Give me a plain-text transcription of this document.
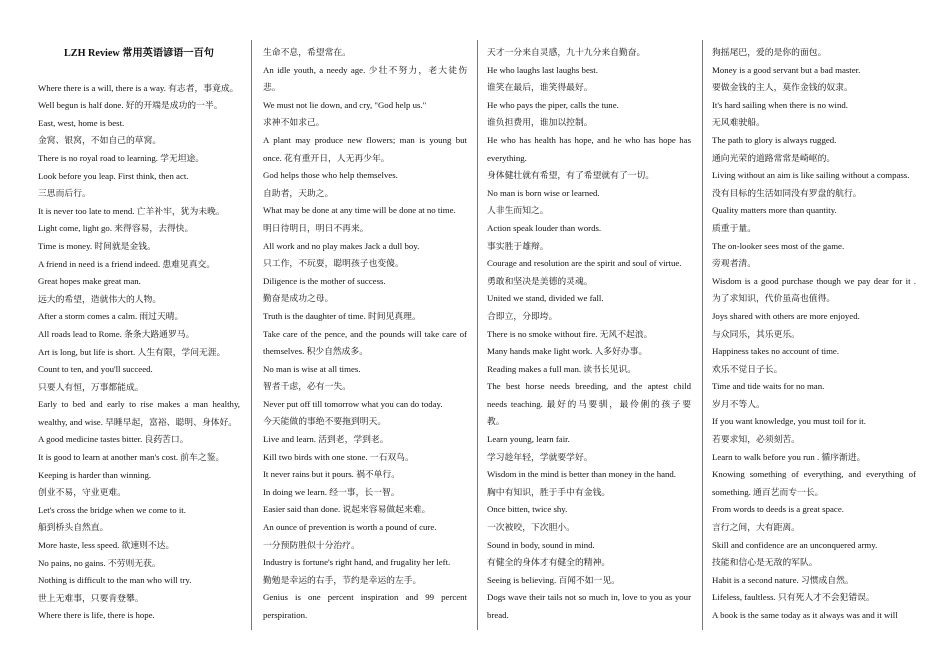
LZH Review 常用英语谚语一百句
Where there is a will, there is a way. 有志者，事竟成。
Well begun is half done. 好的开端是成功的一半。
East, west, home is best.
金窝、银窝，不如自己的草窝。
There is no royal road to learning. 学无坦途。
Look before you leap. First think, then act.
三思而后行。
It is never too late to mend. 亡羊补牢，犹为未晚。
Light come, light go. 来得容易，去得快。
Time is money. 时间就是金钱。
A friend in need is a friend indeed. 患难见真交。
Great hopes make great man.
远大的希望，造就伟大的人物。
After a storm comes a calm. 雨过天晴。
All roads lead to Rome. 条条大路通罗马。
Art is long, but life is short. 人生有限，学问无涯。
Count to ten, and you'll succeed.
只要人有恒，万事都能成。
Early to bed and early to rise makes a man healthy,
wealthy, and wise. 早睡早起，富裕、聪明、身体好。
A good medicine tastes bitter. 良药苦口。
It is good to learn at another man's cost. 前车之鉴。
Keeping is harder than winning.
创业不易，守业更难。
Let's cross the bridge when we come to it.
船到桥头自然直。
More haste, less speed. 欲速则不达。
No pains, no gains. 不劳则无获。
Nothing is difficult to the man who will try.
世上无难事，只要肯登攀。
Where there is life, there is hope.
生命不息，希望常在。
An idle youth, a needy age. 少壮不努力，老大徒伤
悲。
We must not lie down, and cry, "God help us."
求神不如求己。
A plant may produce new flowers; man is young but
once. 花有重开日，人无再少年。
God helps those who help themselves.
自助者，天助之。
What may be done at any time will be done at no time.
明日待明日，明日不再来。
All work and no play makes Jack a dull boy.
只工作，不玩耍，聪明孩子也变傻。
Diligence is the mother of success.
勤奋是成功之母。
Truth is the daughter of time. 时间见真理。
Take care of the pence, and the pounds will take care of
themselves. 积少自然成多。
No man is wise at all times.
智者千虑，必有一失。
Never put off till tomorrow what you can do today.
今天能做的事绝不要拖到明天。
Live and learn. 活到老，学到老。
Kill two birds with one stone. 一石双鸟。
It never rains but it pours. 祸不单行。
In doing we learn. 经一事，长一智。
Easier said than done. 说起来容易做起来难。
An ounce of prevention is worth a pound of cure.
一分预防胜似十分治疗。
Industry is fortune's right hand, and frugality her left.
勤勉是幸运的右手，节约是幸运的左手。
Genius is one percent inspiration and 99 percent
perspiration.
天才一分来自灵感，九十九分来自勤奋。
He who laughs last laughs best.
谁笑在最后，谁笑得最好。
He who pays the piper, calls the tune.
谁负担费用，谁加以控制。
He who has health has hope, and he who has hope has
everything.
身体健壮就有希望，有了希望就有了一切。
No man is born wise or learned.
人非生而知之。
Action speak louder than words.
事实胜于雄辩。
Courage and resolution are the spirit and soul of virtue.
勇敢和坚决是美德的灵魂。
United we stand, divided we fall.
合即立，分即垮。
There is no smoke without fire. 无风不起浪。
Many hands make light work. 人多好办事。
Reading makes a full man. 读书长见识。
The best horse needs breeding, and the aptest child
needs teaching. 最好的马要驯，最伶俐的孩子要
教。
Learn young, learn fair.
学习趁年轻，学就要学好。
Wisdom in the mind is better than money in the hand.
胸中有知识，胜于手中有金钱。
Once bitten, twice shy.
一次被咬，下次胆小。
Sound in body, sound in mind.
有健全的身体才有健全的精神。
Seeing is believing. 百闻不如一见。
Dogs wave their tails not so much in, love to you as your
bread.
狗摇尾巴，爱的是你的面包。
Money is a good servant but a bad master.
要做金钱的主人，莫作金钱的奴隶。
It's hard sailing when there is no wind.
无风难驶船。
The path to glory is always rugged.
通向光荣的道路常常是崎岖的。
Living without an aim is like sailing without a compass.
没有目标的生活如同没有罗盘的航行。
Quality matters more than quantity.
质重于量。
The on-looker sees most of the game.
旁观者清。
Wisdom is a good purchase though we pay dear for it .
为了求知识，代价虽高也值得。
Joys shared with others are more enjoyed.
与众同乐，其乐更乐。
Happiness takes no account of time.
欢乐不觉日子长。
Time and tide waits for no man.
岁月不等人。
If you want knowledge, you must toil for it.
若要求知，必须刻苦。
Learn to walk before you run . 循序渐进。
Knowing something of everything, and everything of
something. 通百艺而专一长。
From words to deeds is a great space.
言行之间，大有距离。
Skill and confidence are an unconquered army.
技能和信心是无敌的军队。
Habit is a second nature. 习惯成自然。
Lifeless, faultless. 只有死人才不会犯错误。
A book is the same today as it always was and it will
